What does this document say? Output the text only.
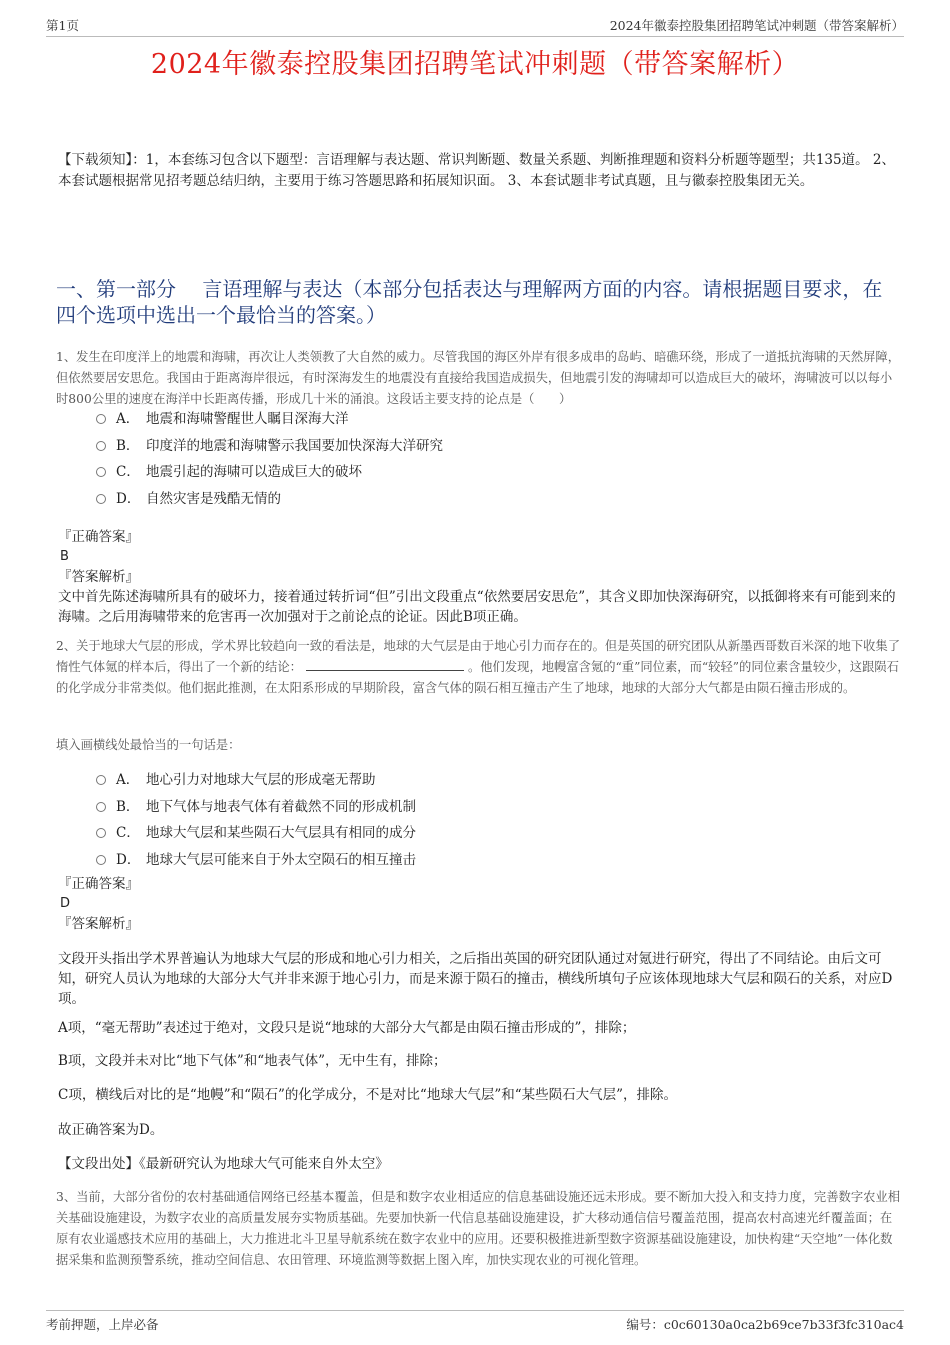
第1页	2024年徽泰控股集团招聘笔试冲刺题（带答案解析）
2024年徽泰控股集团招聘笔试冲刺题（带答案解析）
【下载须知】：1，本套练习包含以下题型：言语理解与表达题、常识判断题、数量关系题、判断推理题和资料分析题等题型；共135道。 2、本套试题根据常见招考题总结归纳，主要用于练习答题思路和拓展知识面。 3、本套试题非考试真题，且与徽泰控股集团无关。
一、第一部分　 言语理解与表达（本部分包括表达与理解两方面的内容。请根据题目要求，在四个选项中选出一个最恰当的答案。）
1、发生在印度洋上的地震和海啸，再次让人类领教了大自然的威力。尽管我国的海区外岸有很多成串的岛屿、暗礁环绕，形成了一道抵抗海啸的天然屏障，但依然要居安思危。我国由于距离海岸很远，有时深海发生的地震没有直接给我国造成损失，但地震引发的海啸却可以造成巨大的破坏，海啸波可以以每小时800公里的速度在海洋中长距离传播，形成几十米的涌浪。这段话主要支持的论点是（　　）
A． 地震和海啸警醒世人瞩目深海大洋
B． 印度洋的地震和海啸警示我国要加快深海大洋研究
C． 地震引起的海啸可以造成巨大的破坏
D． 自然灾害是残酷无情的
『正确答案』
B
『答案解析』
文中首先陈述海啸所具有的破坏力，接着通过转折词“但”引出文段重点“依然要居安思危”，其含义即加快深海研究，以抵御将来有可能到来的海啸。之后用海啸带来的危害再一次加强对于之前论点的论证。因此B项正确。
2、关于地球大气层的形成，学术界比较趋向一致的看法是，地球的大气层是由于地心引力而存在的。但是英国的研究团队从新墨西哥数百米深的地下收集了惰性气体氪的样本后，得出了一个新的结论：	。他们发现，地幔富含氪的“重”同位素，而“较轻”的同位素含量较少，这跟陨石的化学成分非常类似。他们据此推测，在太阳系形成的早期阶段，富含气体的陨石相互撞击产生了地球，地球的大部分大气都是由陨石撞击形成的。
填入画横线处最恰当的一句话是：
A． 地心引力对地球大气层的形成毫无帮助
B． 地下气体与地表气体有着截然不同的形成机制
C． 地球大气层和某些陨石大气层具有相同的成分
D． 地球大气层可能来自于外太空陨石的相互撞击
『正确答案』
D
『答案解析』
文段开头指出学术界普遍认为地球大气层的形成和地心引力相关，之后指出英国的研究团队通过对氪进行研究，得出了不同结论。由后文可知，研究人员认为地球的大部分大气并非来源于地心引力，而是来源于陨石的撞击，横线所填句子应该体现地球大气层和陨石的关系，对应D项。
A项，“毫无帮助”表述过于绝对，文段只是说“地球的大部分大气都是由陨石撞击形成的”，排除；
B项，文段并未对比“地下气体”和“地表气体”，无中生有，排除；
C项，横线后对比的是“地幔”和“陨石”的化学成分，不是对比“地球大气层”和“某些陨石大气层”，排除。
故正确答案为D。
【文段出处】《最新研究认为地球大气可能来自外太空》
3、当前，大部分省份的农村基础通信网络已经基本覆盖，但是和数字农业相适应的信息基础设施还远未形成。要不断加大投入和支持力度，完善数字农业相关基础设施建设，为数字农业的高质量发展夯实物质基础。先要加快新一代信息基础设施建设，扩大移动通信信号覆盖范围，提高农村高速光纤覆盖面；在原有农业遥感技术应用的基础上，大力推进北斗卫星导航系统在数字农业中的应用。还要积极推进新型数字资源基础设施建设，加快构建“天空地”一体化数据采集和监测预警系统，推动空间信息、农田管理、环境监测等数据上图入库，加快实现农业的可视化管理。
考前押题，上岸必备	编号：c0c60130a0ca2b69ce7b33f3fc310ac4
